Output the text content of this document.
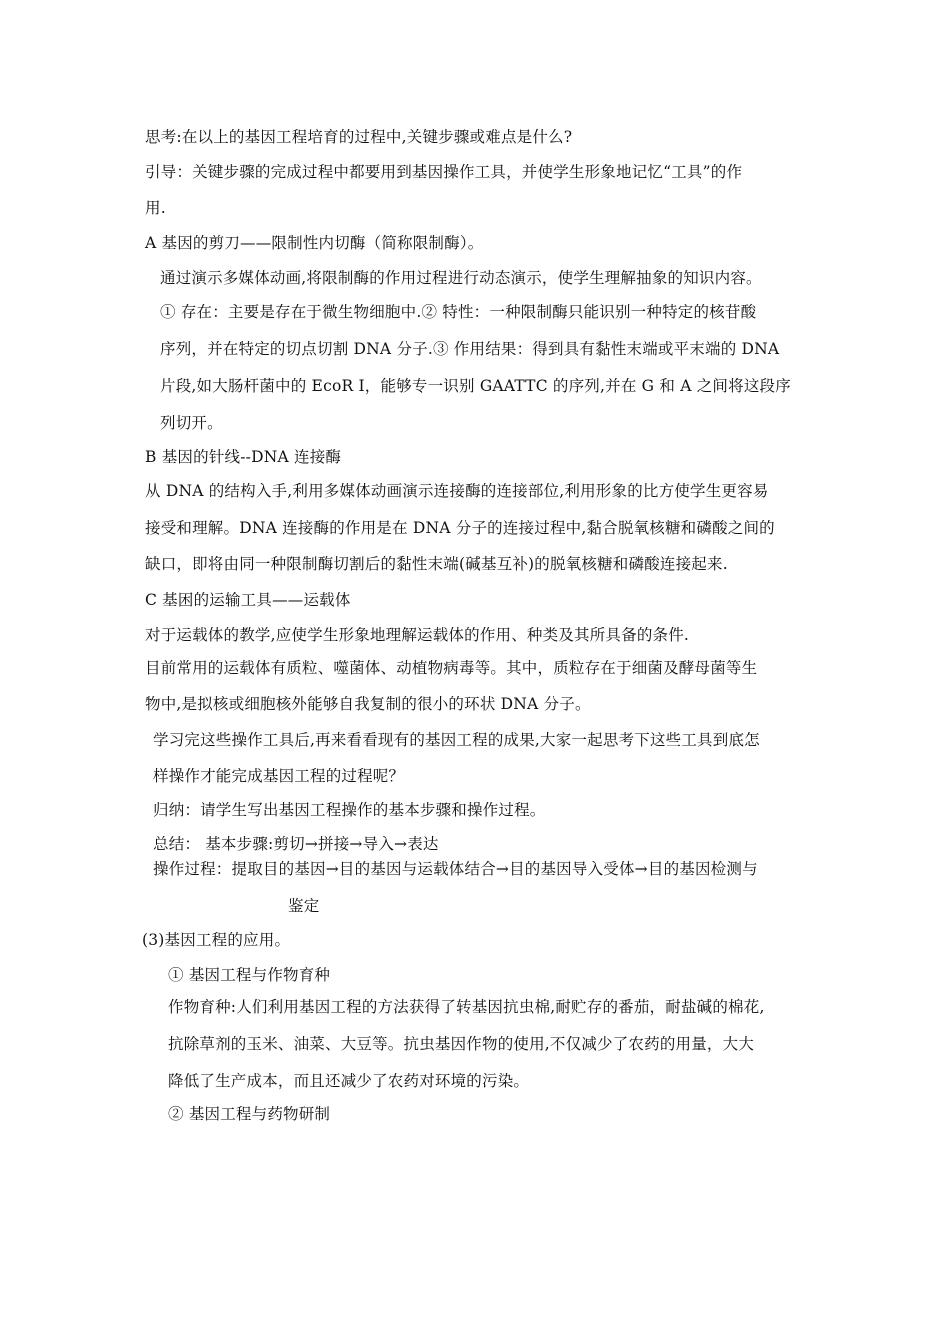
思考:在以上的基因工程培育的过程中,关键步骤或难点是什么?
引导：关键步骤的完成过程中都要用到基因操作工具，并使学生形象地记忆“工具”的作
用.
A 基因的剪刀——限制性内切酶（简称限制酶）。
通过演示多媒体动画,将限制酶的作用过程进行动态演示，使学生理解抽象的知识内容。
① 存在：主要是存在于微生物细胞中.② 特性：一种限制酶只能识别一种特定的核苷酸
序列，并在特定的切点切割 DNA 分子.③ 作用结果：得到具有黏性末端或平末端的 DNA
片段,如大肠杆菌中的 EcoR I，能够专一识别 GAATTC 的序列,并在 G 和 A 之间将这段序
列切开。
B 基因的针线--DNA 连接酶
从 DNA 的结构入手,利用多媒体动画演示连接酶的连接部位,利用形象的比方使学生更容易
接受和理解。DNA 连接酶的作用是在 DNA 分子的连接过程中,黏合脱氧核糖和磷酸之间的
缺口，即将由同一种限制酶切割后的黏性末端(碱基互补)的脱氧核糖和磷酸连接起来.
C 基困的运输工具——运载体
对于运载体的教学,应使学生形象地理解运载体的作用、种类及其所具备的条件.
目前常用的运载体有质粒、噬菌体、动植物病毒等。其中，质粒存在于细菌及酵母菌等生
物中,是拟核或细胞核外能够自我复制的很小的环状 DNA 分子。
学习完这些操作工具后,再来看看现有的基因工程的成果,大家一起思考下这些工具到底怎
样操作才能完成基因工程的过程呢？
归纳：请学生写出基因工程操作的基本步骤和操作过程。
总结： 基本步骤:剪切→拼接→导入→表达
操作过程：提取目的基因→目的基因与运载体结合→目的基因导入受体→目的基因检测与
鉴定
(3)基因工程的应用。
① 基因工程与作物育种
作物育种:人们利用基因工程的方法获得了转基因抗虫棉,耐贮存的番茄，耐盐碱的棉花,
抗除草剂的玉米、油菜、大豆等。抗虫基因作物的使用,不仅减少了农药的用量，大大
降低了生产成本，而且还减少了农药对环境的污染。
② 基因工程与药物研制
